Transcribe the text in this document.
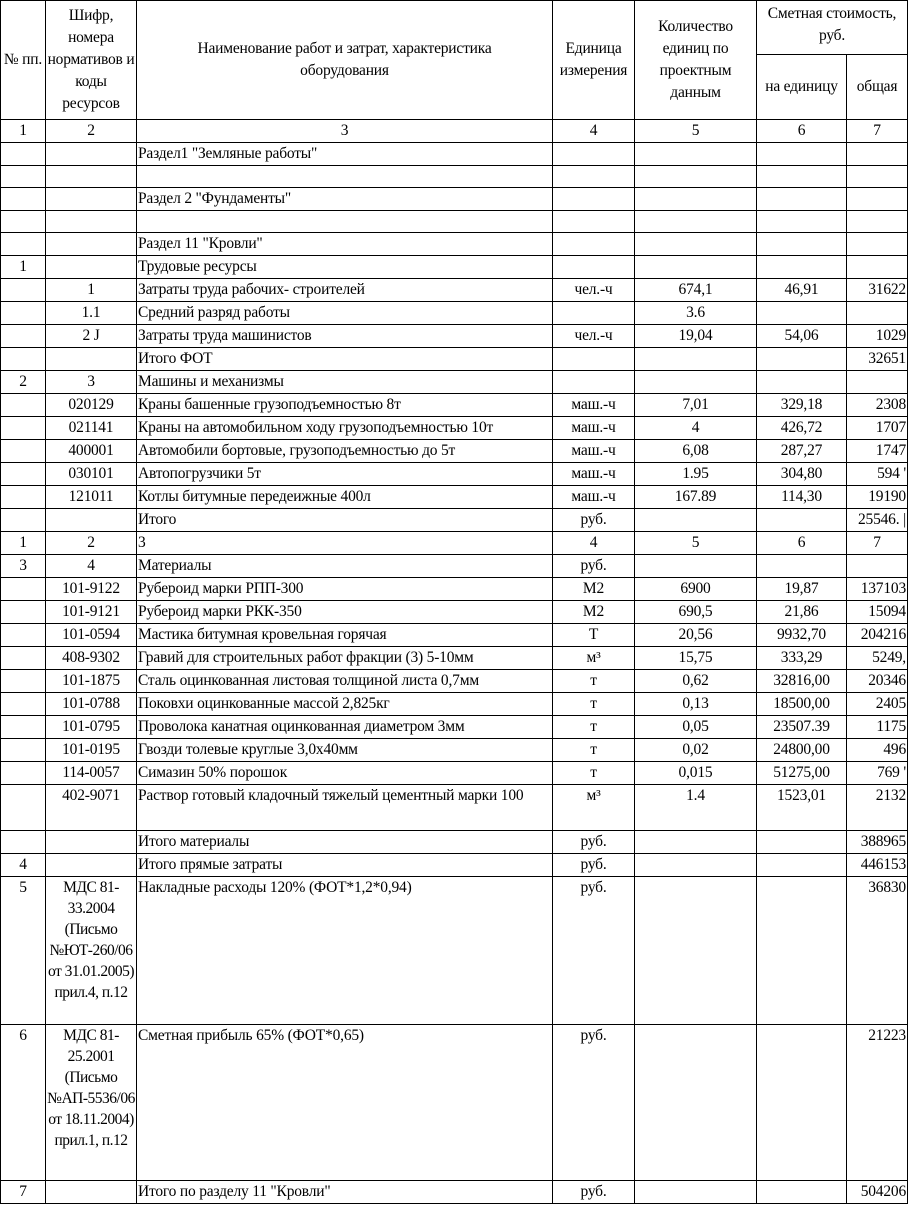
№ пп.	Шифр, номера нормативов и коды ресурсов	Наименование работ и затрат, характеристика оборудования	Единица измерения	Количество единиц по проектным данным	Сметная стоимость, руб.	
					на единицу	общая
1	2	3	4	5	6	7
		Раздел1 "Земляные работы"				

		Раздел 2 "Фундаменты"				

		Раздел 11 "Кровли"				
1		Трудовые ресурсы				
	1	Затраты труда рабочих- строителей	чел.-ч	674,1	46,91	31622
	1.1	Средний разряд работы		3.6		
	2 J	Затраты труда машинистов	чел.-ч	19,04	54,06	1029
		Итого ФОТ				32651
2	3	Машины и механизмы				
	020129	Краны башенные грузоподъемностью 8т	маш.-ч	7,01	329,18	2308
	021141	Краны на автомобильном ходу грузоподъемностью 10т	маш.-ч	4	426,72	1707
	400001	Автомобили бортовые, грузоподъемностью до 5т	маш.-ч	6,08	287,27	1747
	030101	Автопогрузчики 5т	маш.-ч	1.95	304,80	594 '
	121011	Котлы битумные передеижные 400л	маш.-ч	167.89	114,30	19190
		Итого	руб.			25546. |
1	2	3	4	5	6	7
3	4	Материалы	руб.			
	101-9122	Рубероид марки РПП-300	М2	6900	19,87	137103
	101-9121	Рубероид марки РКК-350	М2	690,5	21,86	15094
	101-0594	Мастика битумная кровельная горячая	Т	20,56	9932,70	204216
	408-9302	Гравий для строительных работ фракции (3) 5-10мм	м³	15,75	333,29	5249,
	101-1875	Сталь оцинкованная листовая толщиной листа 0,7мм	т	0,62	32816,00	20346
	101-0788	Поковхи оцинкованные массой 2,825кг	т	0,13	18500,00	2405
	101-0795	Проволока канатная оцинкованная диаметром 3мм	т	0,05	23507.39	1175
	101-0195	Гвозди толевые круглые 3,0х40мм	т	0,02	24800,00	496
	114-0057	Симазин 50% порошок	т	0,015	51275,00	769 '
	402-9071	Раствор готовый кладочный тяжелый цементный марки 100	м³	1.4	1523,01	2132
		Итого материалы	руб.			388965
4		Итого прямые затраты	руб.			446153
5	МДС 81-33.2004 (Письмо №ЮТ-260/06 от 31.01.2005) прил.4, п.12	Накладные расходы 120% (ФОТ*1,2*0,94)	руб.			36830
6	МДС 81-25.2001 (Письмо №АП-5536/06 от 18.11.2004) прил.1, п.12	Сметная прибыль 65% (ФОТ*0,65)	руб.			21223
7		Итого по разделу 11 "Кровли"	руб.			504206
